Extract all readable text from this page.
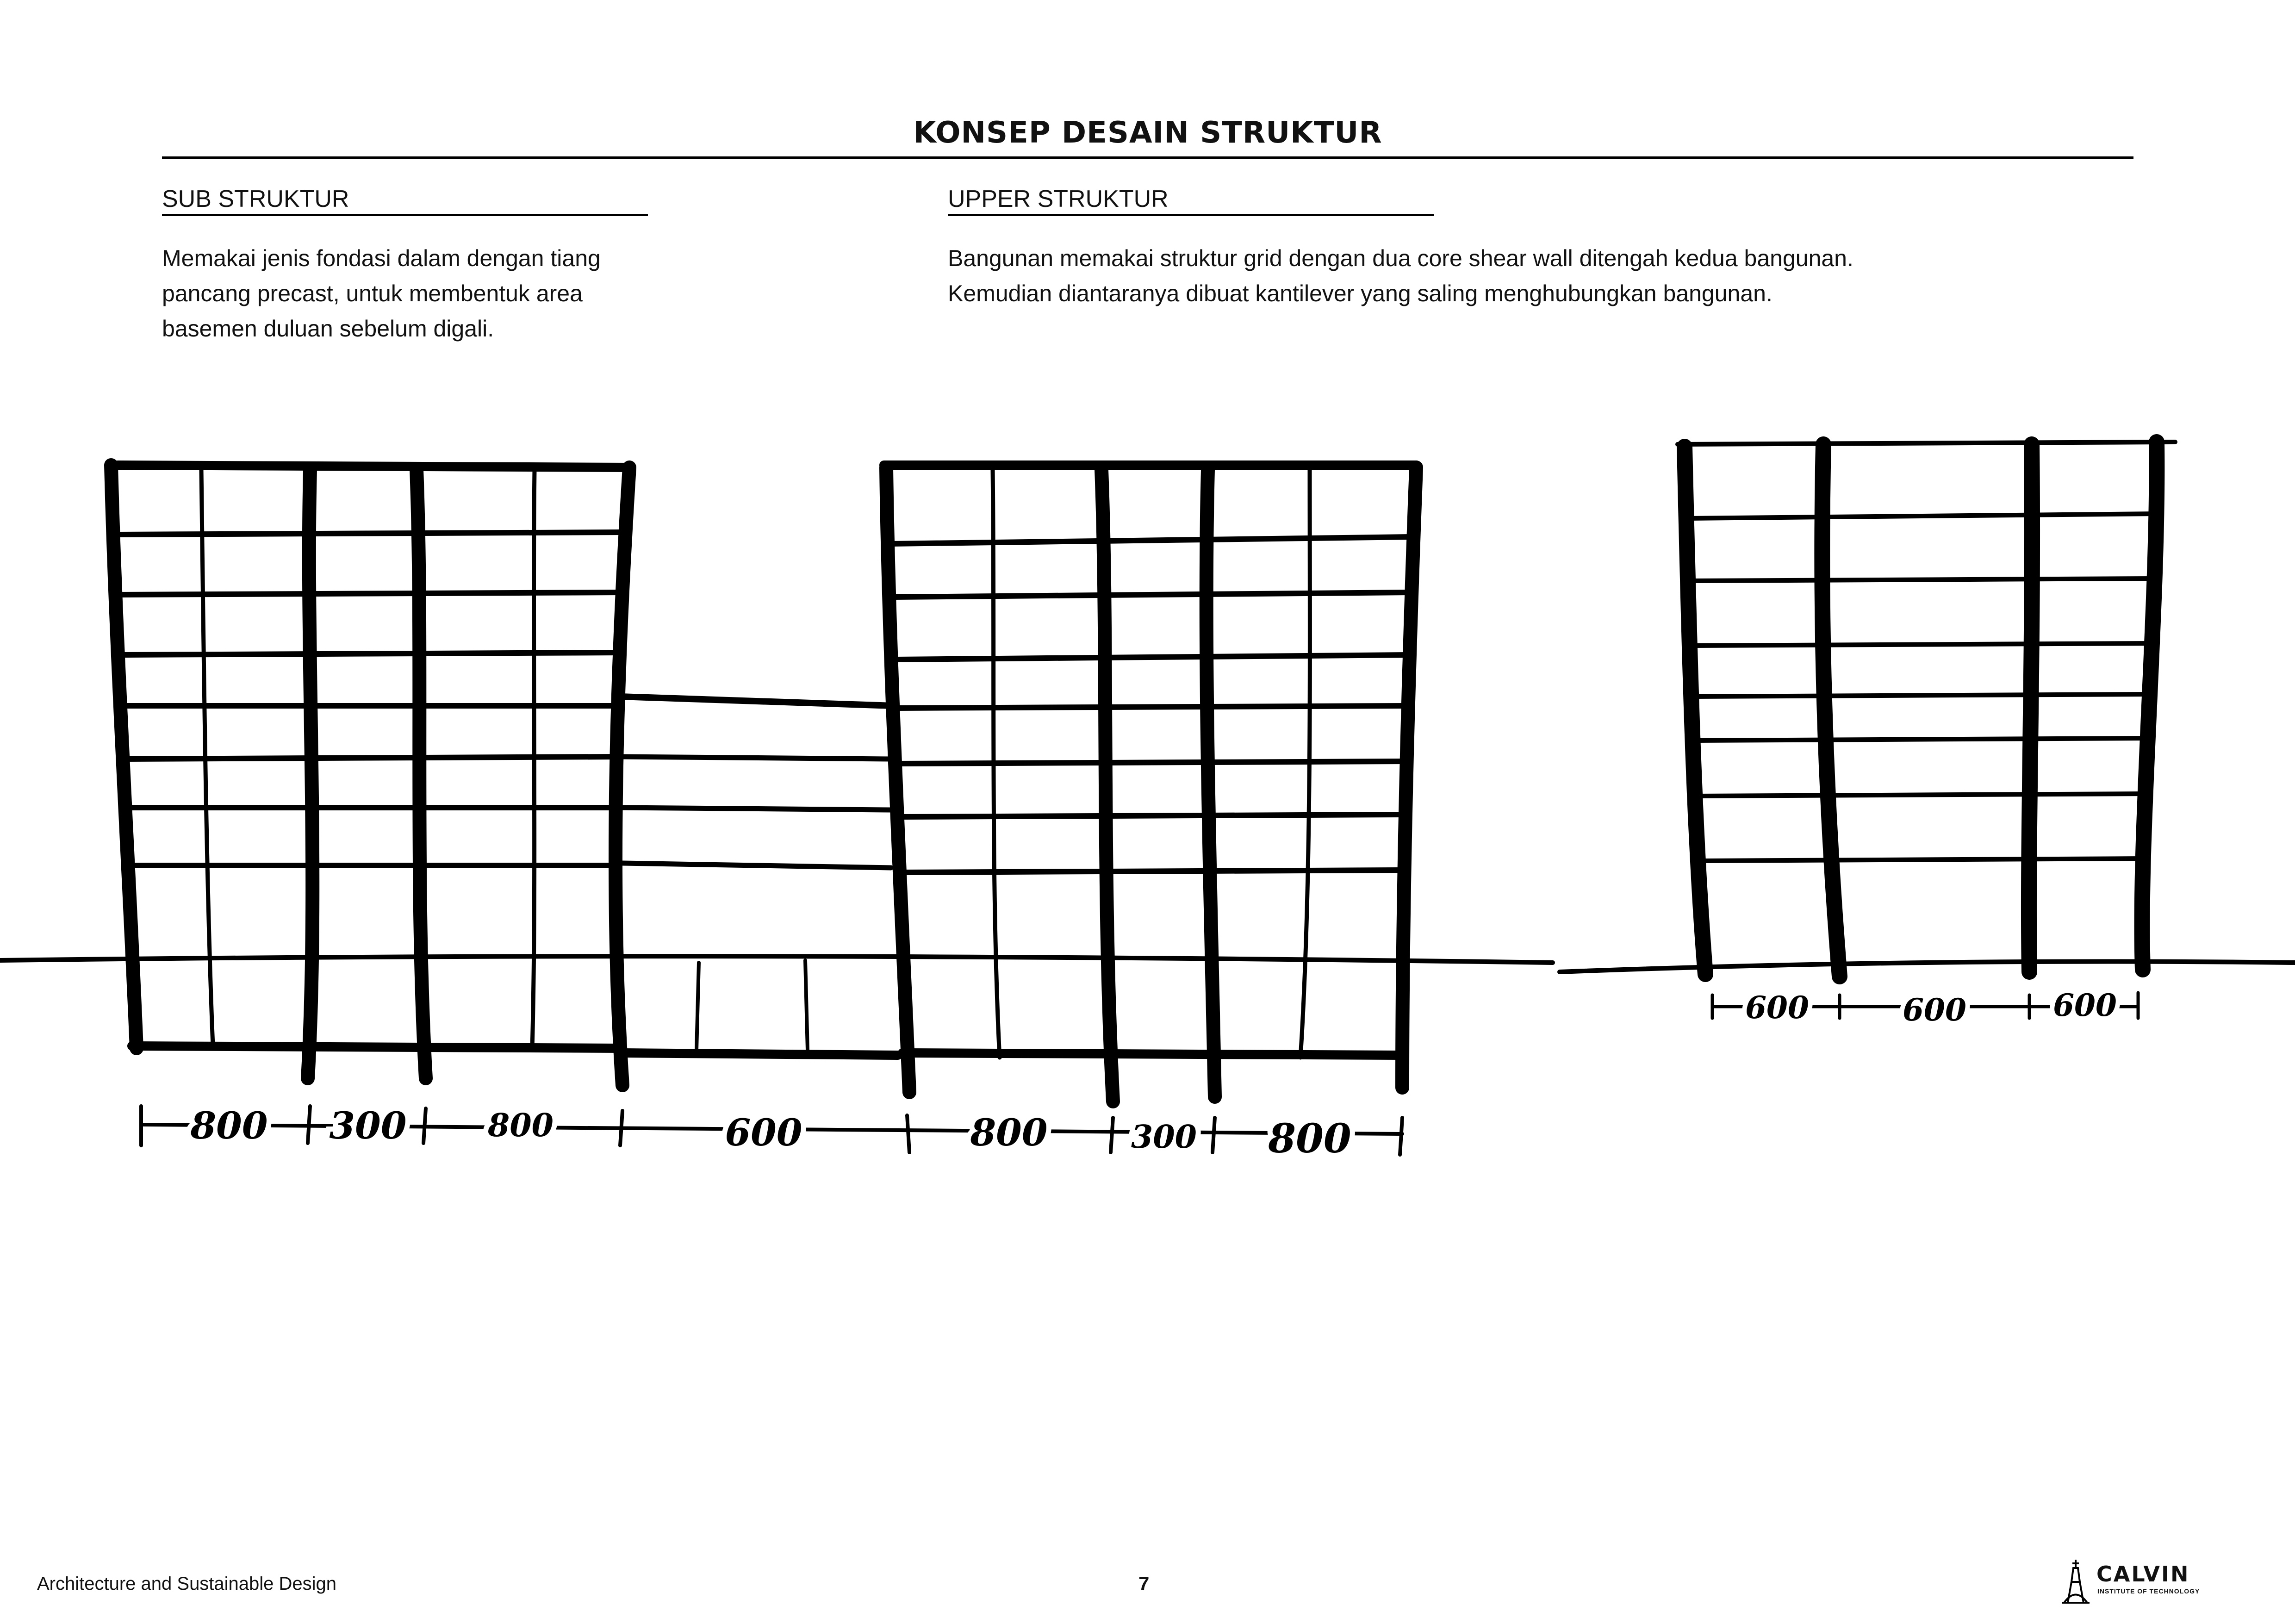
KONSEP DESAIN STRUKTUR
SUB STRUKTUR
Memakai jenis fondasi dalam dengan tiang
pancang precast, untuk membentuk area
basemen duluan sebelum digali.
UPPER STRUKTUR
Bangunan memakai struktur grid dengan dua core shear wall ditengah kedua bangunan.
Kemudian diantaranya dibuat kantilever yang saling menghubungkan bangunan.
800 300	800	600	800	300 800
600	600	600
Architecture and Sustainable Design	7	CALVIN
INSTITUTE OF TECHNOLOGY
